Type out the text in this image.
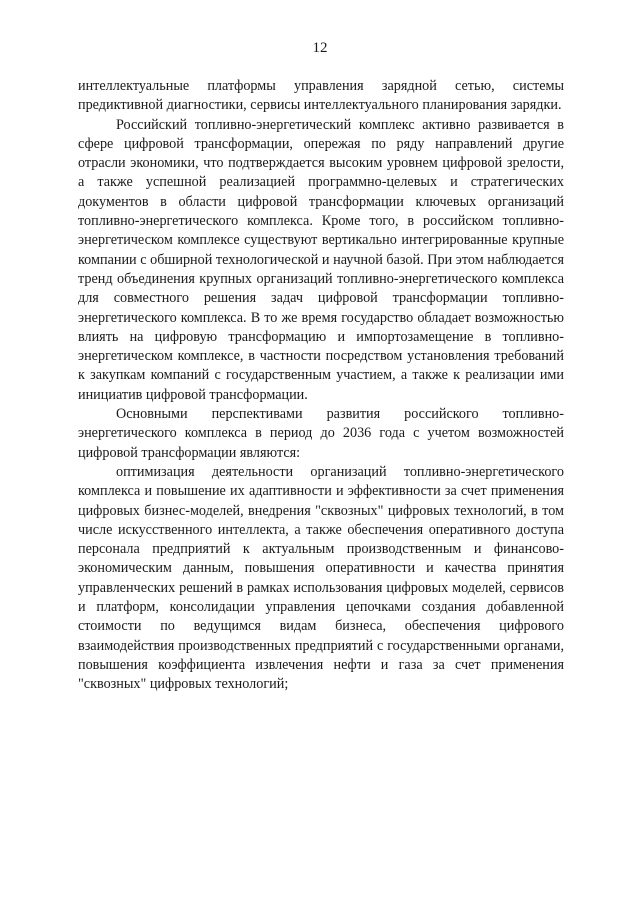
12

интеллектуальные платформы управления зарядной сетью, системы предиктивной диагностики, сервисы интеллектуального планирования зарядки.

Российский топливно-энергетический комплекс активно развивается в сфере цифровой трансформации, опережая по ряду направлений другие отрасли экономики, что подтверждается высоким уровнем цифровой зрелости, а также успешной реализацией программно-целевых и стратегических документов в области цифровой трансформации ключевых организаций топливно-энергетического комплекса. Кроме того, в российском топливно-энергетическом комплексе существуют вертикально интегрированные крупные компании с обширной технологической и научной базой. При этом наблюдается тренд объединения крупных организаций топливно-энергетического комплекса для совместного решения задач цифровой трансформации топливно-энергетического комплекса. В то же время государство обладает возможностью влиять на цифровую трансформацию и импортозамещение в топливно-энергетическом комплексе, в частности посредством установления требований к закупкам компаний с государственным участием, а также к реализации ими инициатив цифровой трансформации.

Основными перспективами развития российского топливно-энергетического комплекса в период до 2036 года с учетом возможностей цифровой трансформации являются:

оптимизация деятельности организаций топливно-энергетического комплекса и повышение их адаптивности и эффективности за счет применения цифровых бизнес-моделей, внедрения "сквозных" цифровых технологий, в том числе искусственного интеллекта, а также обеспечения оперативного доступа персонала предприятий к актуальным производственным и финансово-экономическим данным, повышения оперативности и качества принятия управленческих решений в рамках использования цифровых моделей, сервисов и платформ, консолидации управления цепочками создания добавленной стоимости по ведущимся видам бизнеса, обеспечения цифрового взаимодействия производственных предприятий с государственными органами, повышения коэффициента извлечения нефти и газа за счет применения "сквозных" цифровых технологий;
